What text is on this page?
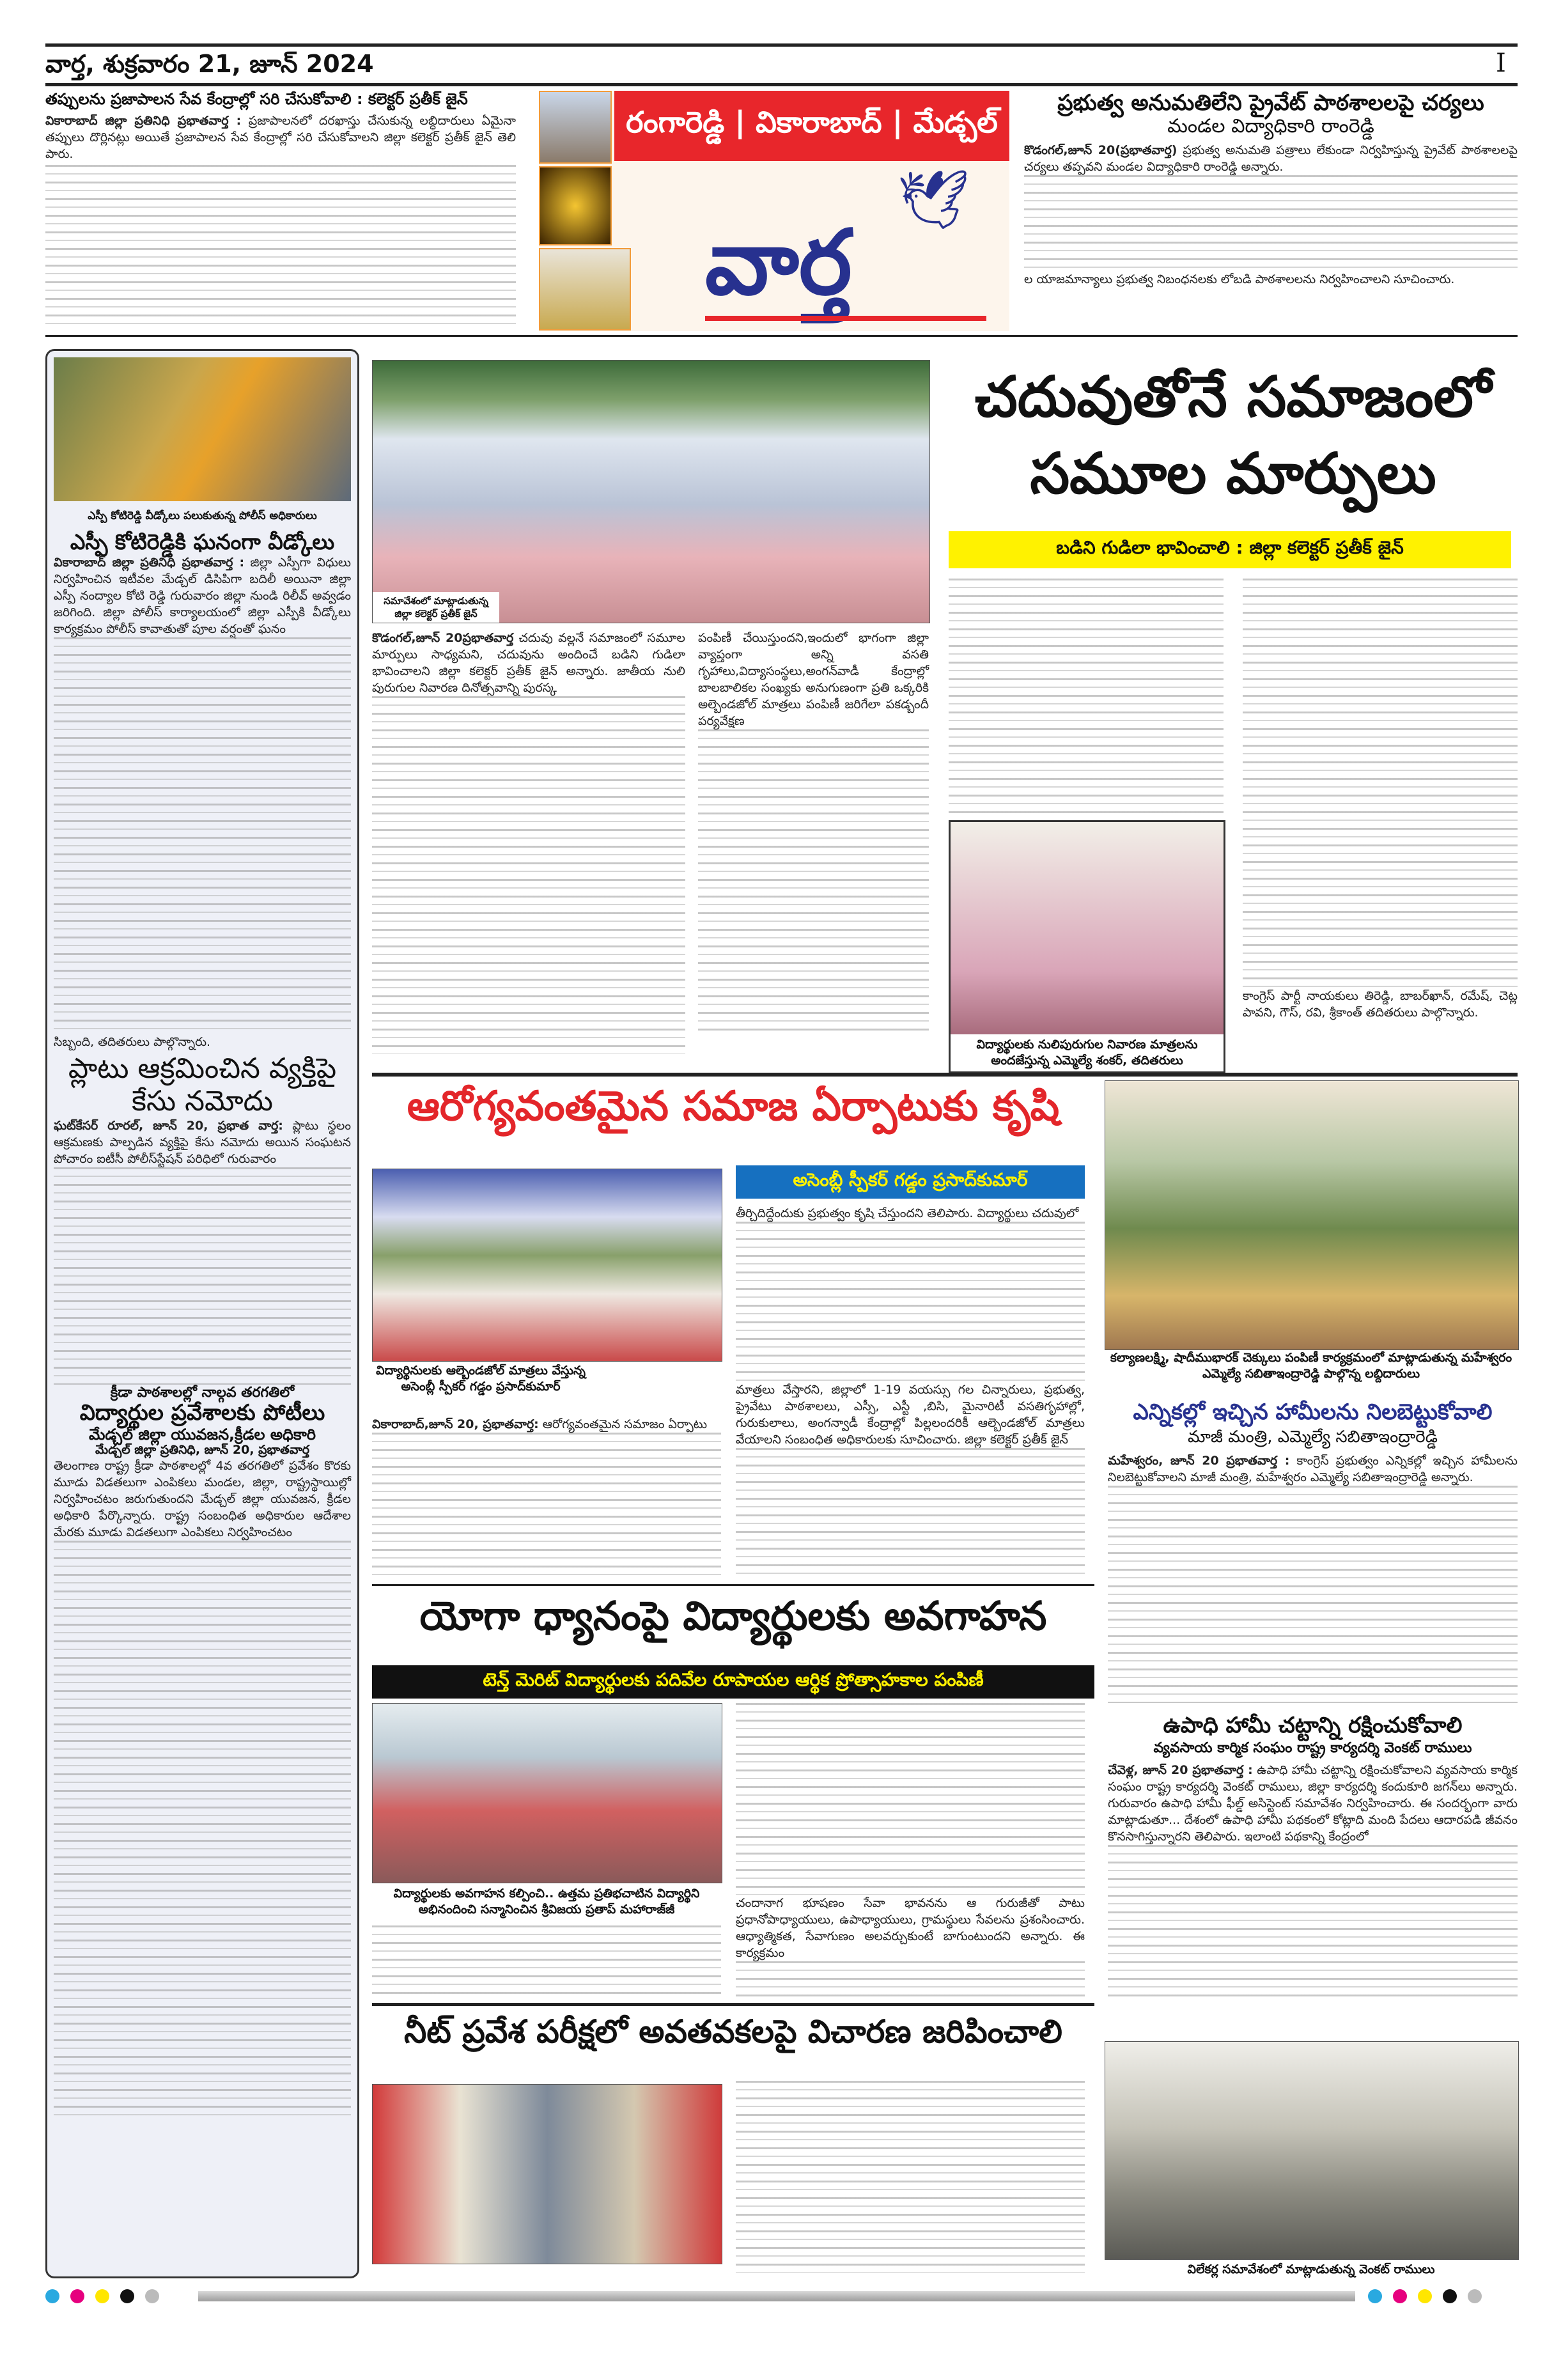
వార్త, శుక్రవారం 21, జూన్ 2024	I
తప్పులను ప్రజాపాలన సేవ కేంద్రాల్లో సరి చేసుకోవాలి : కలెక్టర్ ప్రతీక్ జైన్
వికారాబాద్ జిల్లా ప్రతినిధి ప్రభాతవార్త : ప్రజాపాలనలో దరఖాస్తు చేసుకున్న లబ్ధిదారులు ఏమైనా తప్పులు దొర్లినట్లు అయితే ప్రజాపాలన సేవ కేంద్రాల్లో సరి చేసుకోవాలని జిల్లా కలెక్టర్ ప్రతీక్ జైన్ తెలి పారు.
రంగారెడ్డి | వికారాబాద్ | మేడ్చల్
🕊
వార్త
ప్రభుత్వ అనుమతిలేని ప్రైవేట్ పాఠశాలలపై చర్యలు
మండల విద్యాధికారి రాంరెడ్డి
కొడంగల్,జూన్ 20(ప్రభాతవార్త) ప్రభుత్వ అనుమతి పత్రాలు లేకుండా నిర్వహిస్తున్న ప్రైవేట్ పాఠశాలలపై చర్యలు తప్పవని మండల విద్యాధికారి రాంరెడ్డి అన్నారు.
ల యాజమాన్యాలు ప్రభుత్వ నిబంధనలకు లోబడి పాఠశాలలను నిర్వహించాలని సూచించారు.
ఎస్పీ కోటిరెడ్డి వీడ్కోలు పలుకుతున్న పోలీస్ అధికారులు
ఎస్పీ కోటిరెడ్డికి ఘనంగా వీడ్కోలు
వికారాబాద్ జిల్లా ప్రతినిధి ప్రభాతవార్త : జిల్లా ఎస్పీగా విధులు నిర్వహించిన ఇటీవల మేడ్చల్ డిసిపిగా బదిలీ అయినా జిల్లా ఎస్పీ నంద్యాల కోటి రెడ్డి గురువారం జిల్లా నుండి రిలీవ్ అవ్వడం జరిగింది. జిల్లా పోలీస్ కార్యాలయంలో జిల్లా ఎస్పీకి వీడ్కోలు కార్యక్రమం పోలీస్ కావాతుతో పూల వర్షంతో ఘనం
సిబ్బంది, తదితరులు పాల్గొన్నారు.
ప్లాటు ఆక్రమించిన వ్యక్తిపై కేసు నమోదు
ఘట్‌కేసర్ రూరల్, జూన్ 20, ప్రభాత వార్త: ప్లాటు స్థలం ఆక్రమణకు పాల్పడిన వ్యక్తిపై కేసు నమోదు అయిన సంఘటన పోచారం ఐటీసీ పోలీస్‌స్టేషన్ పరిధిలో గురువారం
క్రీడా పాఠశాలల్లో నాల్గవ తరగతిలో
విద్యార్థుల ప్రవేశాలకు పోటీలు
మేడ్చల్ జిల్లా యువజన,క్రీడల అధికారి
మేడ్చల్ జిల్లా ప్రతినిధి, జూన్ 20, ప్రభాతవార్త
తెలంగాణ రాష్ట్ర క్రీడా పాఠశాలల్లో 4వ తరగతిలో ప్రవేశం కొరకు మూడు విడతలుగా ఎంపికలు మండల, జిల్లా, రాష్ట్రస్థాయిల్లో నిర్వహించటం జరుగుతుందని మేడ్చల్ జిల్లా యువజన, క్రీడల అధికారి పేర్కొన్నారు. రాష్ట్ర సంబంధిత అధికారుల ఆదేశాల మేరకు మూడు విడతలుగా ఎంపికలు నిర్వహించటం
సమావేశంలో మాట్లాడుతున్న జిల్లా కలెక్టర్ ప్రతీక్ జైన్
చదువుతోనే సమాజంలో
సమూల మార్పులు
బడిని గుడిలా భావించాలి : జిల్లా కలెక్టర్ ప్రతీక్ జైన్
కొడంగల్,జూన్ 20ప్రభాతవార్త చదువు వల్లనే సమాజంలో సమూల మార్పులు సాధ్యమని, చదువును అందించే బడిని గుడిలా భావించాలని జిల్లా కలెక్టర్ ప్రతీక్ జైన్ అన్నారు. జాతీయ నులి పురుగుల నివారణ దినోత్సవాన్ని పురస్క
పంపిణీ చేయిస్తుందని,ఇందులో భాగంగా జిల్లా వ్యాప్తంగా అన్ని వసతి గృహాలు,విద్యాసంస్థలు,అంగన్‌వాడీ కేంద్రాల్లో బాలబాలికల సంఖ్యకు అనుగుణంగా ప్రతి ఒక్కరికి అల్బెండజోల్ మాత్రలు పంపిణీ జరిగేలా పకడ్బందీ పర్యవేక్షణ
కాంగ్రెస్ పార్టీ నాయకులు తిరెడ్డి, బాబర్‌ఖాన్, రమేష్, చెట్ల పావని, గౌస్, రవి, శ్రీకాంత్ తదితరులు పాల్గొన్నారు.
విద్యార్థులకు నులిపురుగుల నివారణ మాత్రలను అందజేస్తున్న ఎమ్మెల్యే శంకర్, తదితరులు
ఆరోగ్యవంతమైన సమాజ ఏర్పాటుకు కృషి
విద్యార్థినులకు ఆల్బెండజోల్ మాత్రలు వేస్తున్న అసెంబ్లీ స్పీకర్ గడ్డం ప్రసాద్‌కుమార్
అసెంబ్లీ స్పీకర్ గడ్డం ప్రసాద్‌కుమార్
వికారాబాద్,జూన్ 20, ప్రభాతవార్త: ఆరోగ్యవంతమైన సమాజం ఏర్పాటు
తీర్చిదిద్దేందుకు ప్రభుత్వం కృషి చేస్తుందని తెలిపారు. విద్యార్థులు చదువులో
మాత్రలు వేస్తారని, జిల్లాలో 1-19 వయస్సు గల చిన్నారులు, ప్రభుత్వ, ప్రైవేటు పాఠశాలలు, ఎస్సీ, ఎస్టీ ,బిసి, మైనారిటీ వసతిగృహాల్లో, గురుకులాలు, అంగన్వాడీ కేంద్రాల్లో పిల్లలందరికీ ఆల్బెండజోల్ మాత్రలు వేయాలని సంబంధిత అధికారులకు సూచించారు. జిల్లా కలెక్టర్ ప్రతీక్ జైన్
కల్యాణలక్ష్మి, షాదీముభారక్ చెక్కులు పంపిణీ కార్యక్రమంలో మాట్లాడుతున్న మహేశ్వరం ఎమ్మెల్యే సబితాఇంద్రారెడ్డి పాల్గొన్న లబ్దిదారులు
ఎన్నికల్లో ఇచ్చిన హామీలను నిలబెట్టుకోవాలి
మాజీ మంత్రి, ఎమ్మెల్యే సబితాఇంద్రారెడ్డి
మహేశ్వరం, జూన్ 20 ప్రభాతవార్త : కాంగ్రెస్ ప్రభుత్వం ఎన్నికల్లో ఇచ్చిన హామీలను నిలబెట్టుకోవాలని మాజీ మంత్రి, మహేశ్వరం ఎమ్మెల్యే సబితాఇంద్రారెడ్డి అన్నారు.
యోగా ధ్యానంపై విద్యార్థులకు అవగాహన
టెన్త్ మెరిట్ విద్యార్థులకు పదివేల రూపాయల ఆర్థిక ప్రోత్సాహకాల పంపిణీ
విద్యార్థులకు అవగాహన కల్పించి.. ఉత్తమ ప్రతిభచాటిన విద్యార్థిని అభినందించి సన్మానించిన శ్రీవిజయ ప్రతాప్ మహారాజ్‌జీ	చందానాగ భూషణం సేవా భావనను ఆ గురుజీతో పాటు ప్రధానోపాధ్యాయులు, ఉపాధ్యాయులు, గ్రామస్థులు సేవలను ప్రశంసించారు. ఆధ్యాత్మికత, సేవాగుణం అలవర్చుకుంటే బాగుంటుందని అన్నారు. ఈ కార్యక్రమం
ఉపాధి హామీ చట్టాన్ని రక్షించుకోవాలి
వ్యవసాయ కార్మిక సంఘం రాష్ట్ర కార్యదర్శి వెంకట్ రాములు
చేవెళ్ల, జూన్ 20 ప్రభాతవార్త : ఉపాధి హామీ చట్టాన్ని రక్షించుకోవాలని వ్యవసాయ కార్మిక సంఘం రాష్ట్ర కార్యదర్శి వెంకట్ రాములు, జిల్లా కార్యదర్శి కందుకూరి జగన్‌లు అన్నారు. గురువారం ఉపాధి హామీ ఫీల్డ్ అసిస్టెంట్ సమావేశం నిర్వహించారు. ఈ సందర్భంగా వారు మాట్లాడుతూ... దేశంలో ఉపాధి హామీ పథకంలో కోట్లాది మంది పేదలు ఆదారపడి జీవనం కొనసాగిస్తున్నారని తెలిపారు. ఇలాంటి పథకాన్ని కేంద్రంలో
నీట్ ప్రవేశ పరీక్షలో అవతవకలపై విచారణ జరిపించాలి
విలేకర్ల సమావేశంలో మాట్లాడుతున్న వెంకట్ రాములు
